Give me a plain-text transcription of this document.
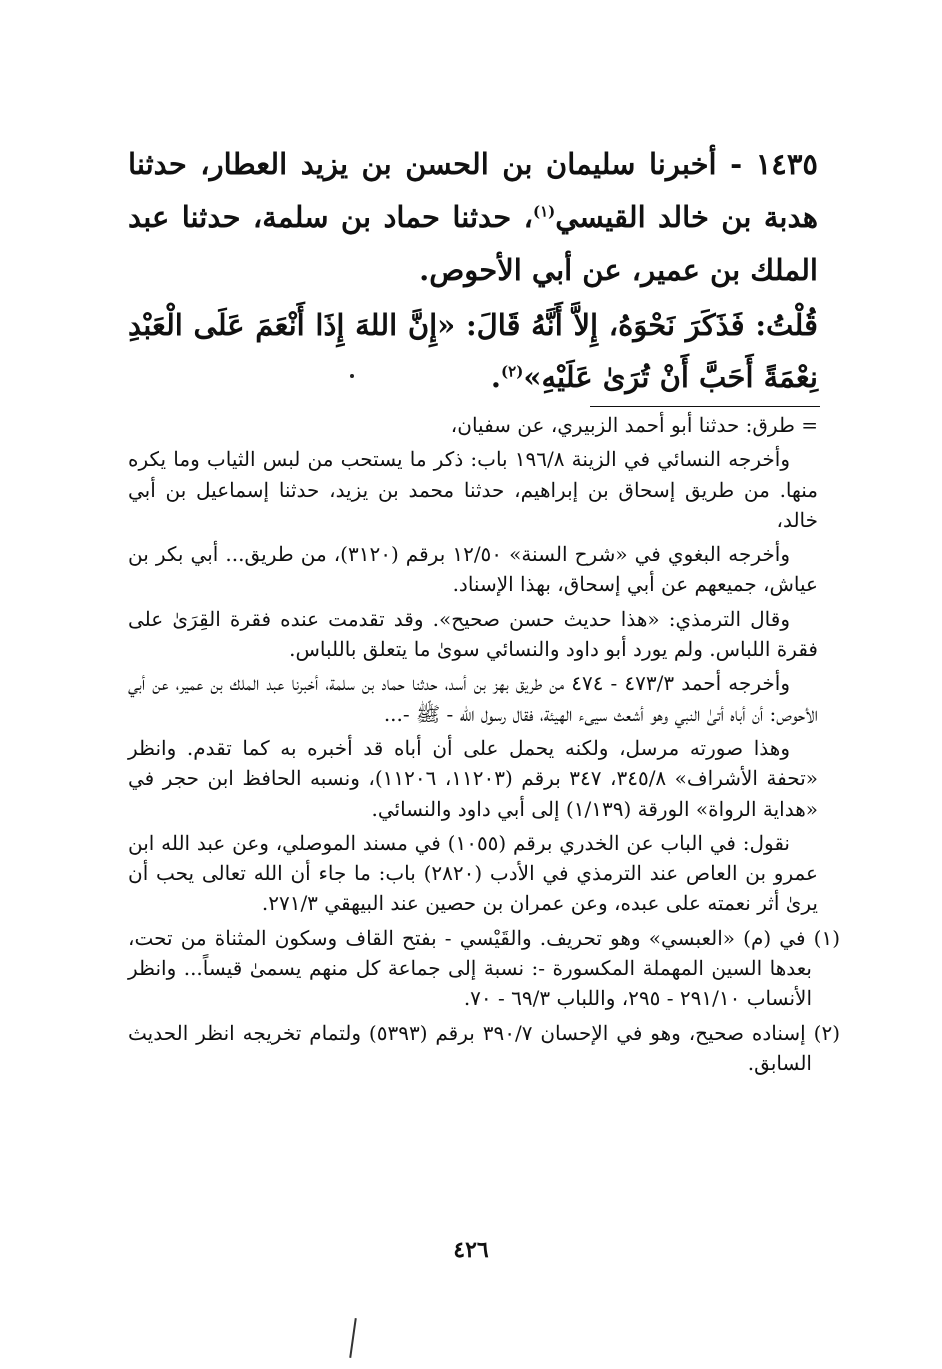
١٤٣٥ - أخبرنا سليمان بن الحسن بن يزيد العطار، حدثنا هدبة بن خالد القيسي$^{(١)}$، حدثنا حماد بن سلمة، حدثنا عبد الملك بن عمير، عن أبي الأحوص.

قُلْتُ: فَذَكَرَ نَحْوَهُ، إِلاَّ أَنَّهُ قَالَ: «إِنَّ اللهَ إِذَا أَنْعَمَ عَلَى الْعَبْدِ نِعْمَةً أَحَبَّ أَنْ تُرَىٰ عَلَيْهِ»$^{(٢)}$.

= طرق: حدثنا أبو أحمد الزبيري، عن سفيان،

وأخرجه النسائي في الزينة ١٩٦/٨ باب: ذكر ما يستحب من لبس الثياب وما يكره منها. من طريق إسحاق بن إبراهيم، حدثنا محمد بن يزيد، حدثنا إسماعيل بن أبي خالد،

وأخرجه البغوي في «شرح السنة» ١٢/٥٠ برقم (٣١٢٠)، من طريق... أبي بكر بن عياش، جميعهم عن أبي إسحاق، بهذا الإسناد.

وقال الترمذي: «هذا حديث حسن صحيح». وقد تقدمت عنده فقرة القِرَىٰ على فقرة اللباس. ولم يورد أبو داود والنسائي سوىٰ ما يتعلق باللباس.

وأخرجه أحمد ٤٧٣/٣ - ٤٧٤ من طريق بهز بن أسد، حدثنا حماد بن سلمة، أخبرنا عبد الملك بن عمير، عن أبي الأحوص: أن أباه أتىٰ النبي وهو أشعث سيىء الهيئة، فقال رسول الله - ﷺ -...

وهذا صورته مرسل، ولكنه يحمل على أن أباه قد أخبره به كما تقدم. وانظر «تحفة الأشراف» ٣٤٥/٨، ٣٤٧ برقم (١١٢٠٣، ١١٢٠٦)، ونسبه الحافظ ابن حجر في «هداية الرواة» الورقة (١/١٣٩) إلى أبي داود والنسائي.

نقول: في الباب عن الخدري برقم (١٠٥٥) في مسند الموصلي، وعن عبد الله ابن عمرو بن العاص عند الترمذي في الأدب (٢٨٢٠) باب: ما جاء أن الله تعالى يحب أن يرىٰ أثر نعمته على عبده، وعن عمران بن حصين عند البيهقي ٢٧١/٣.

(١) في (م) «العبسي» وهو تحريف. والقَيْسي - بفتح القاف وسكون المثناة من تحت، بعدها السين المهملة المكسورة -: نسبة إلى جماعة كل منهم يسمىٰ قيساً... وانظر الأنساب ٢٩١/١٠ - ٢٩٥، واللباب ٦٩/٣ - ٧٠.

(٢) إسناده صحيح، وهو في الإحسان ٣٩٠/٧ برقم (٥٣٩٣) ولتمام تخريجه انظر الحديث السابق.

٤٢٦
